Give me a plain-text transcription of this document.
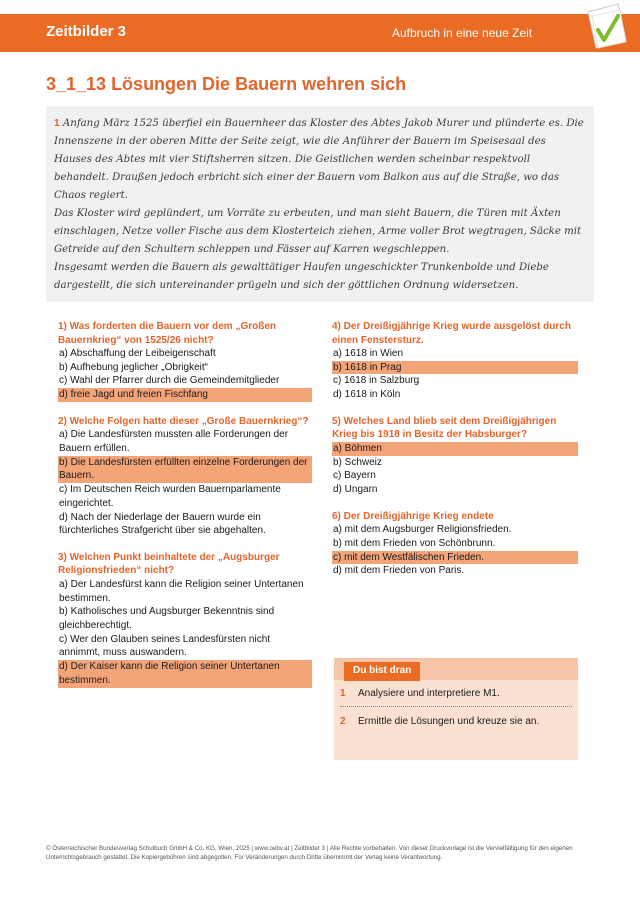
Zeitbilder 3	Aufbruch in eine neue Zeit
3_1_13 Lösungen Die Bauern wehren sich
1 Anfang März 1525 überfiel ein Bauernheer das Kloster des Abtes Jakob Murer und plünderte es. Die Innenszene in der oberen Mitte der Seite zeigt, wie die Anführer der Bauern im Speisesaal des Hauses des Abtes mit vier Stiftsherren sitzen. Die Geistlichen werden scheinbar respektvoll behandelt. Draußen jedoch erbricht sich einer der Bauern vom Balkon aus auf die Straße, wo das Chaos regiert.
Das Kloster wird geplündert, um Vorräte zu erbeuten, und man sieht Bauern, die Türen mit Äxten einschlagen, Netze voller Fische aus dem Klosterteich ziehen, Arme voller Brot wegtragen, Säcke mit Getreide auf den Schultern schleppen und Fässer auf Karren wegschleppen.
Insgesamt werden die Bauern als gewalttätiger Haufen ungeschickter Trunkenbolde und Diebe dargestellt, die sich untereinander prügeln und sich der göttlichen Ordnung widersetzen.
1) Was forderten die Bauern vor dem „Großen Bauernkrieg“ von 1525/26 nicht?
a) Abschaffung der Leibeigenschaft
b) Aufhebung jeglicher „Obrigkeit“
c) Wahl der Pfarrer durch die Gemeindemitglieder
d) freie Jagd und freien Fischfang
2) Welche Folgen hatte dieser „Große Bauernkrieg“?
a) Die Landesfürsten mussten alle Forderungen der Bauern erfüllen.
b) Die Landesfürsten erfüllten einzelne Forderungen der Bauern.
c) Im Deutschen Reich wurden Bauernparlamente eingerichtet.
d) Nach der Niederlage der Bauern wurde ein fürchterliches Strafgericht über sie abgehalten.
3) Welchen Punkt beinhaltete der „Augsburger Religionsfrieden“ nicht?
a) Der Landesfürst kann die Religion seiner Untertanen bestimmen.
b) Katholisches und Augsburger Bekenntnis sind gleichberechtigt.
c) Wer den Glauben seines Landesfürsten nicht annimmt, muss auswandern.
d) Der Kaiser kann die Religion seiner Untertanen bestimmen.
4) Der Dreißigjährige Krieg wurde ausgelöst durch einen Fenstersturz.
a) 1618 in Wien
b) 1618 in Prag
c) 1618 in Salzburg
d) 1618 in Köln
5) Welches Land blieb seit dem Dreißigjährigen Krieg bis 1918 in Besitz der Habsburger?
a) Böhmen
b) Schweiz
c) Bayern
d) Ungarn
6) Der Dreißigjährige Krieg endete
a) mit dem Augsburger Religionsfrieden.
b) mit dem Frieden von Schönbrunn.
c) mit dem Westfälischen Frieden.
d) mit dem Frieden von Paris.
Du bist dran
1 Analysiere und interpretiere M1.
2 Ermittle die Lösungen und kreuze sie an.
© Österreichischer Bundesverlag Schulbuch GmbH & Co. KG, Wien, 2025 | www.oebv.at | Zeitbilder 3 | Alle Rechte vorbehalten. Von dieser Druckvorlage ist die Vervielfältigung für den eigenen Unterrichtsgebrauch gestattet. Die Kopiergebühren sind abgegolten. Für Veränderungen durch Dritte übernimmt der Verlag keine Verantwortung.
